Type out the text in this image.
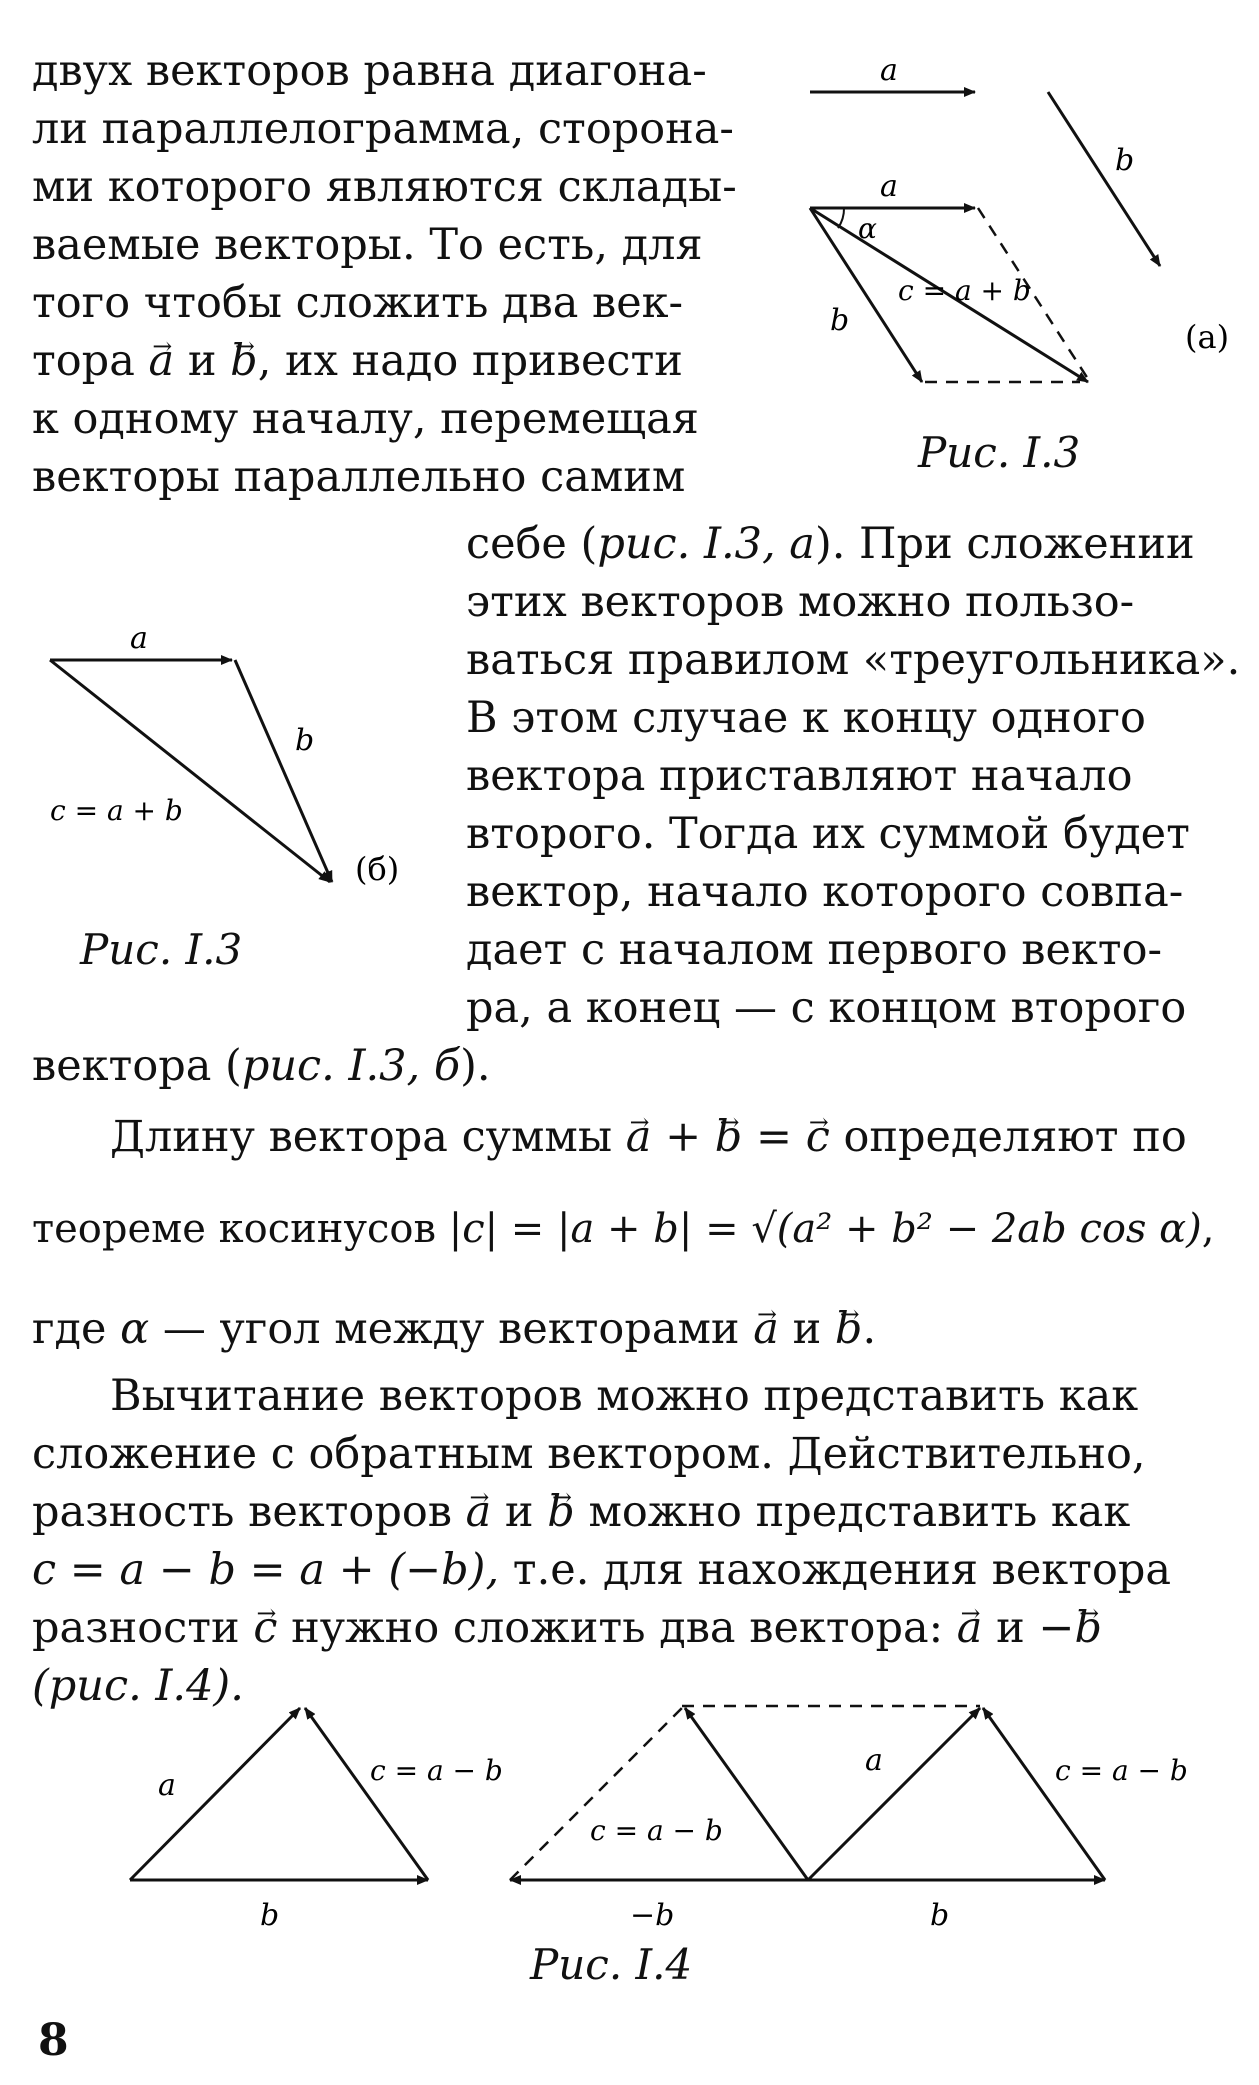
двух векторов равна диагона-

ли параллелограмма, сторона-

ми которого являются склады-

ваемые векторы. То есть, для

того чтобы сложить два век-

тора → a и → b, их надо привести

к одному началу, перемещая

векторы параллельно самим

a
b
a
b
c = a + b
α
(a)
Рис. I.3

себе (рис. I.3, а). При сложении

этих векторов можно пользо-

ваться правилом «треугольника».

В этом случае к концу одного

вектора приставляют начало

второго. Тогда их суммой будет

вектор, начало которого совпа-

дает с началом первого векто-

ра, а конец — с концом второго

a
b
c = a + b
(б)
Рис. I.3

вектора (рис. I.3, б).

Длину вектора суммы → a + → b = → c определяют по

теореме косинусов |c| = |a + b| = √(a² + b² − 2ab cos α),

где α — угол между векторами → a и → b.

Вычитание векторов можно представить как

сложение с обратным вектором. Действительно,

разность векторов → a и → b можно представить как

c = a − b = a + (−b), т.е. для нахождения вектора

разности → c нужно сложить два вектора: → a и −→ b

(рис. I.4).

a
b
c = a − b
−b	b
c = a − b
a	c = a − b
Рис. I.4
8
